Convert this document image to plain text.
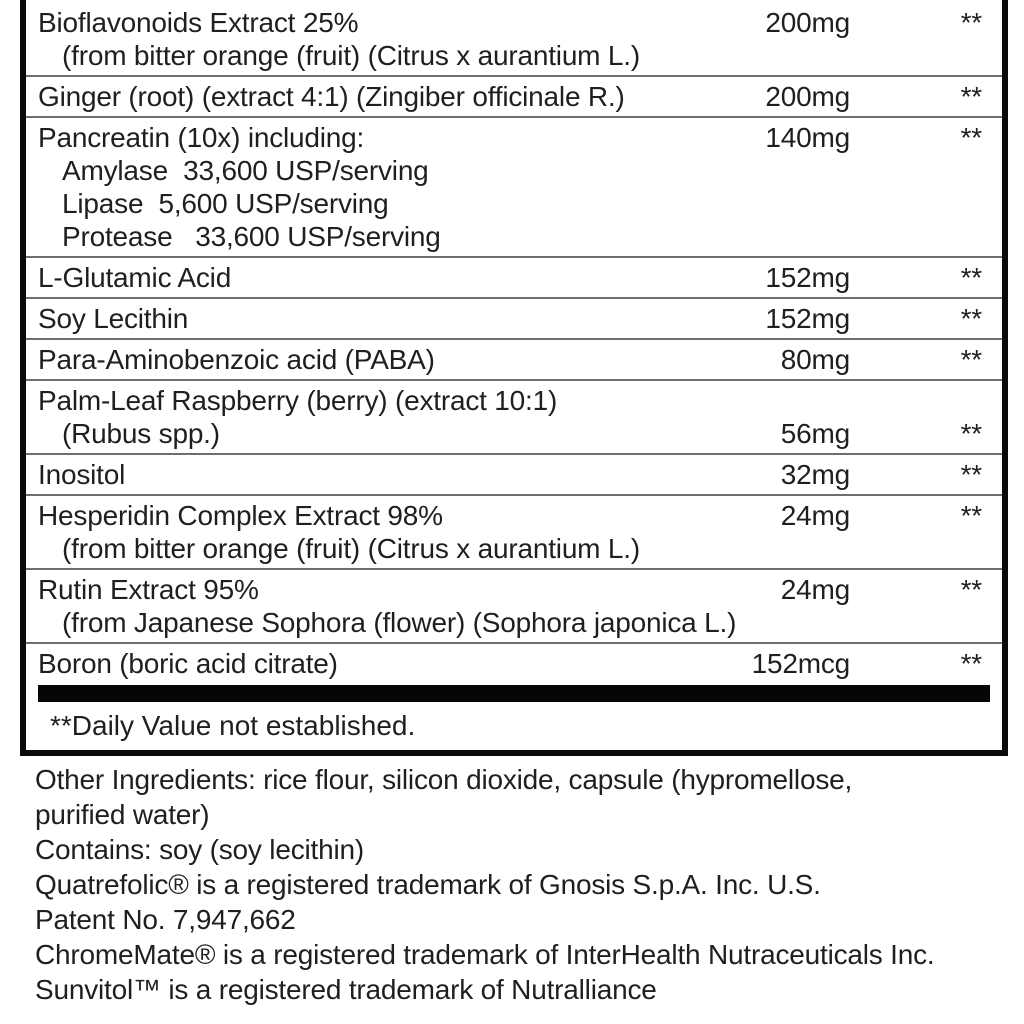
Bioflavonoids Extract 25%	200mg	**
(from bitter orange (fruit) (Citrus x aurantium L.)
Ginger (root) (extract 4:1) (Zingiber officinale R.)	200mg	**
Pancreatin (10x) including:	140mg	**
Amylase  33,600 USP/serving
Lipase  5,600 USP/serving
Protease   33,600 USP/serving
L-Glutamic Acid	152mg	**
Soy Lecithin	152mg	**
Para-Aminobenzoic acid (PABA)	80mg	**
Palm-Leaf Raspberry (berry) (extract 10:1)
(Rubus spp.)	56mg	**
Inositol	32mg	**
Hesperidin Complex Extract 98%	24mg	**
(from bitter orange (fruit) (Citrus x aurantium L.)
Rutin Extract 95%	24mg	**
(from Japanese Sophora (flower) (Sophora japonica L.)
Boron (boric acid citrate)	152mcg	**
**Daily Value not established.
Other Ingredients: rice flour, silicon dioxide, capsule (hypromellose,
purified water)
Contains: soy (soy lecithin)
Quatrefolic® is a registered trademark of Gnosis S.p.A. Inc. U.S.
Patent No. 7,947,662
ChromeMate® is a registered trademark of InterHealth Nutraceuticals Inc.
Sunvitol™ is a registered trademark of Nutralliance
